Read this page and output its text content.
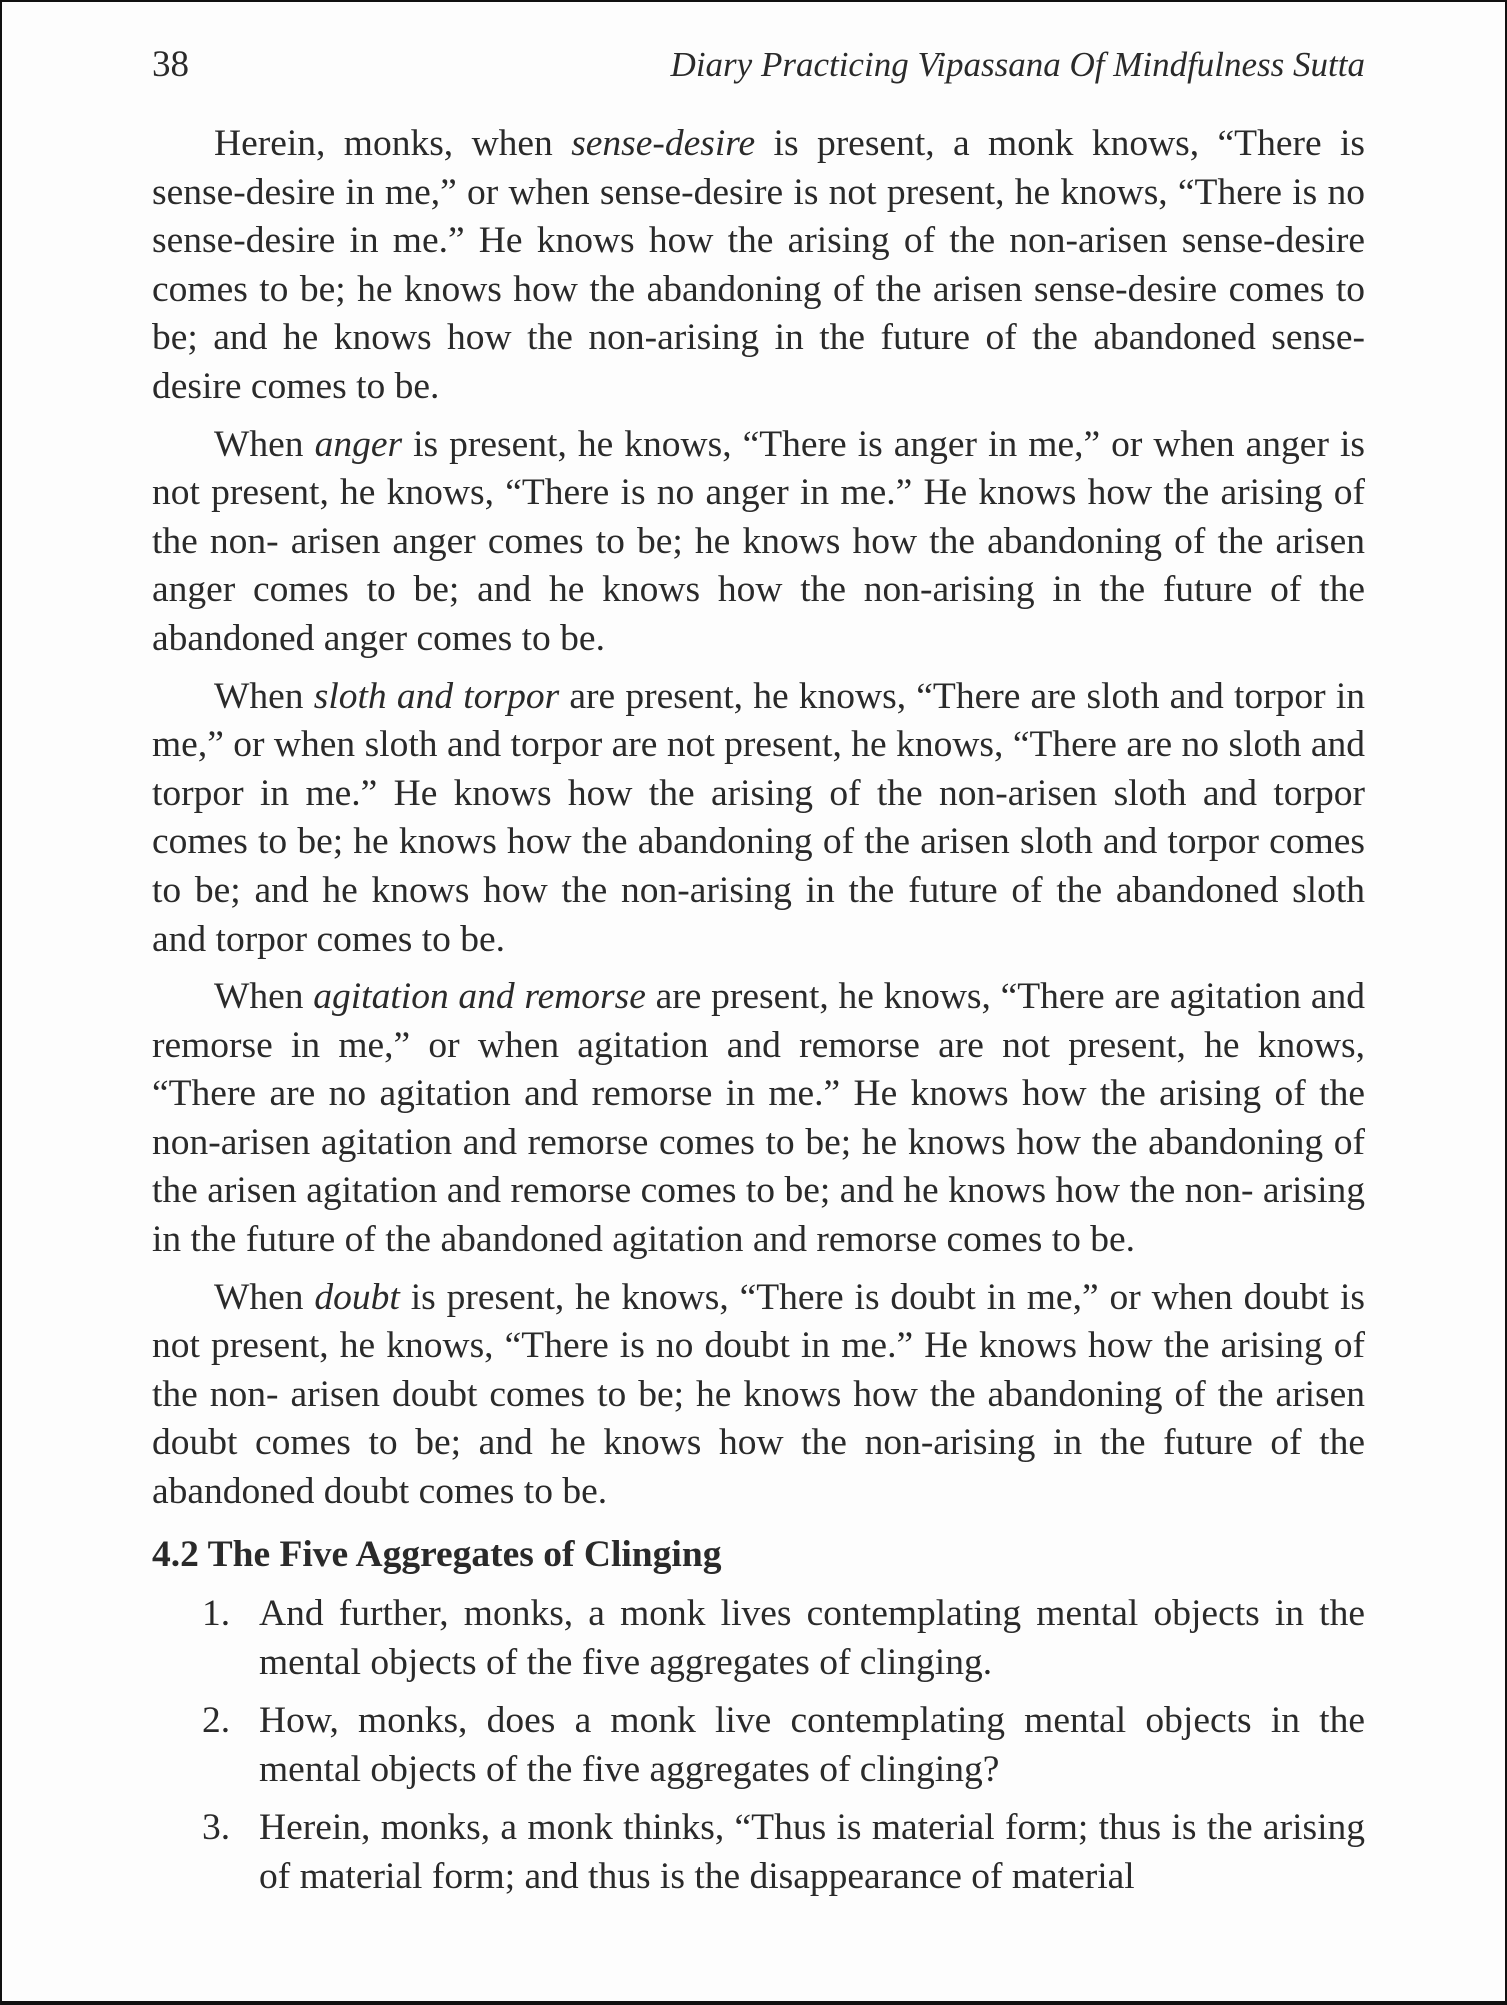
38	Diary Practicing Vipassana Of Mindfulness Sutta

Herein, monks, when sense-desire is present, a monk knows, “There is sense-desire in me,” or when sense-desire is not present, he knows, “There is no sense-desire in me.” He knows how the arising of the non-arisen sense-desire comes to be; he knows how the abandoning of the arisen sense-desire comes to be; and he knows how the non-arising in the future of the abandoned sense-desire comes to be.

When anger is present, he knows, “There is anger in me,” or when anger is not present, he knows, “There is no anger in me.” He knows how the arising of the non- arisen anger comes to be; he knows how the abandoning of the arisen anger comes to be; and he knows how the non-arising in the future of the abandoned anger comes to be.

When sloth and torpor are present, he knows, “There are sloth and torpor in me,” or when sloth and torpor are not present, he knows, “There are no sloth and torpor in me.” He knows how the arising of the non-arisen sloth and torpor comes to be; he knows how the abandoning of the arisen sloth and torpor comes to be; and he knows how the non-arising in the future of the abandoned sloth and torpor comes to be.

When agitation and remorse are present, he knows, “There are agitation and remorse in me,” or when agitation and remorse are not present, he knows, “There are no agitation and remorse in me.” He knows how the arising of the non-arisen agitation and remorse comes to be; he knows how the abandoning of the arisen agitation and remorse comes to be; and he knows how the non- arising in the future of the abandoned agitation and remorse comes to be.

When doubt is present, he knows, “There is doubt in me,” or when doubt is not present, he knows, “There is no doubt in me.” He knows how the arising of the non- arisen doubt comes to be; he knows how the abandoning of the arisen doubt comes to be; and he knows how the non-arising in the future of the abandoned doubt comes to be.

4.2 The Five Aggregates of Clinging
1. And further, monks, a monk lives contemplating mental objects in the mental objects of the five aggregates of clinging.
2. How, monks, does a monk live contemplating mental objects in the mental objects of the five aggregates of clinging?
3. Herein, monks, a monk thinks, “Thus is material form; thus is the arising of material form; and thus is the disappearance of material
